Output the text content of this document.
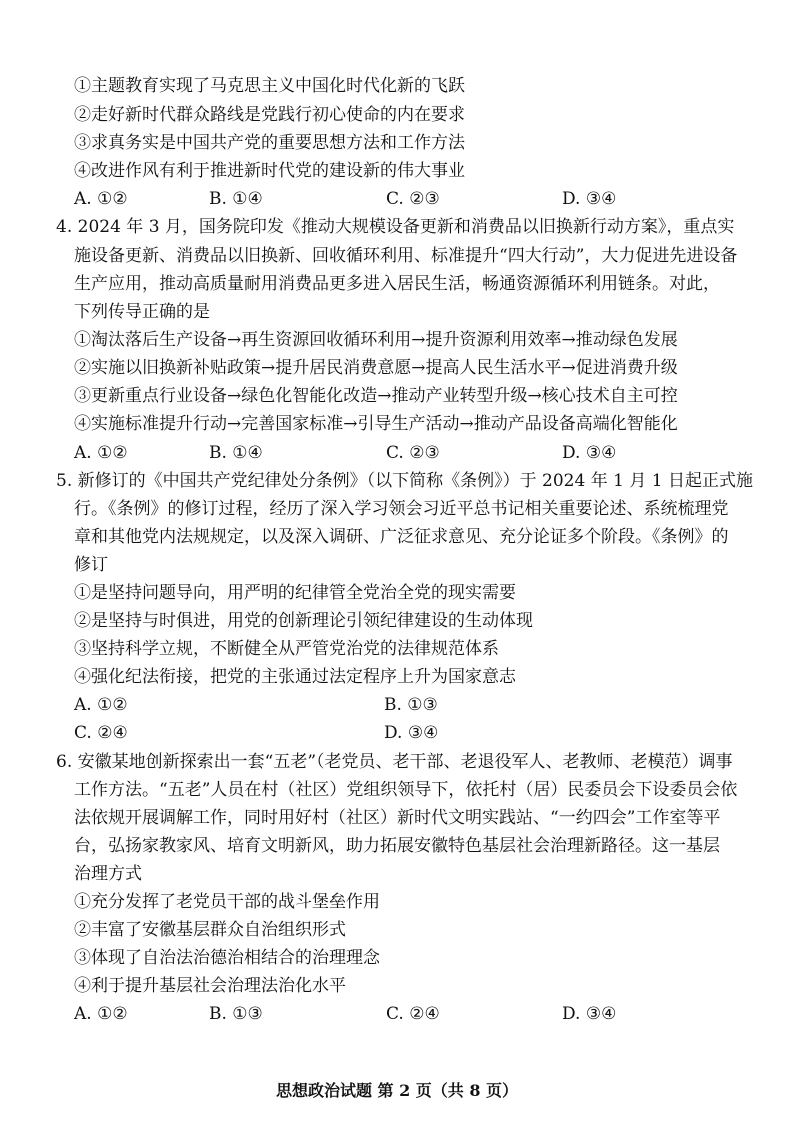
①主题教育实现了马克思主义中国化时代化新的飞跃
②走好新时代群众路线是党践行初心使命的内在要求
③求真务实是中国共产党的重要思想方法和工作方法
④改进作风有利于推进新时代党的建设新的伟大事业
A. ①②	B. ①④	C. ②③	D. ③④
4. 2024 年 3 月，国务院印发《推动大规模设备更新和消费品以旧换新行动方案》，重点实
施设备更新、消费品以旧换新、回收循环利用、标准提升“四大行动”，大力促进先进设备
生产应用，推动高质量耐用消费品更多进入居民生活，畅通资源循环利用链条。对此，
下列传导正确的是
①淘汰落后生产设备→再生资源回收循环利用→提升资源利用效率→推动绿色发展
②实施以旧换新补贴政策→提升居民消费意愿→提高人民生活水平→促进消费升级
③更新重点行业设备→绿色化智能化改造→推动产业转型升级→核心技术自主可控
④实施标准提升行动→完善国家标准→引导生产活动→推动产品设备高端化智能化
A. ①②	B. ①④	C. ②③	D. ③④
5. 新修订的《中国共产党纪律处分条例》（以下简称《条例》）于 2024 年 1 月 1 日起正式施
行。《条例》的修订过程，经历了深入学习领会习近平总书记相关重要论述、系统梳理党
章和其他党内法规规定，以及深入调研、广泛征求意见、充分论证多个阶段。《条例》的
修订
①是坚持问题导向，用严明的纪律管全党治全党的现实需要
②是坚持与时俱进，用党的创新理论引领纪律建设的生动体现
③坚持科学立规，不断健全从严管党治党的法律规范体系
④强化纪法衔接，把党的主张通过法定程序上升为国家意志
A. ①②	B. ①③
C. ②④	D. ③④
6. 安徽某地创新探索出一套“五老”（老党员、老干部、老退役军人、老教师、老模范）调事
工作方法。“五老”人员在村（社区）党组织领导下，依托村（居）民委员会下设委员会依
法依规开展调解工作，同时用好村（社区）新时代文明实践站、“一约四会”工作室等平
台，弘扬家教家风、培育文明新风，助力拓展安徽特色基层社会治理新路径。这一基层
治理方式
①充分发挥了老党员干部的战斗堡垒作用
②丰富了安徽基层群众自治组织形式
③体现了自治法治德治相结合的治理理念
④利于提升基层社会治理法治化水平
A. ①②	B. ①③	C. ②④	D. ③④
思想政治试题 第 2 页（共 8 页）
